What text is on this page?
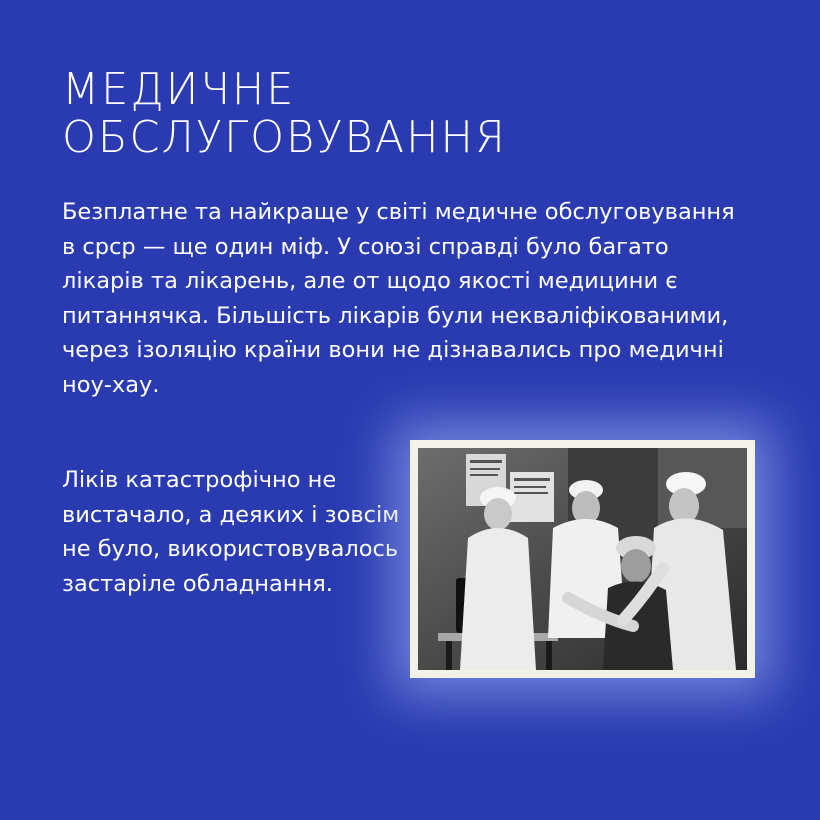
МЕДИЧНЕ
ОБСЛУГОВУВАННЯ

Безплатне та найкраще у світі медичне обслуговування в срср — ще один міф. У союзі справді було багато лікарів та лікарень, але от щодо якості медицини є питаннячка. Більшість лікарів були некваліфікованими, через ізоляцію країни вони не дізнавались про медичні ноу-хау.

Ліків катастрофічно не вистачало, а деяких і зовсім не було, використовувалось застаріле обладнання.
